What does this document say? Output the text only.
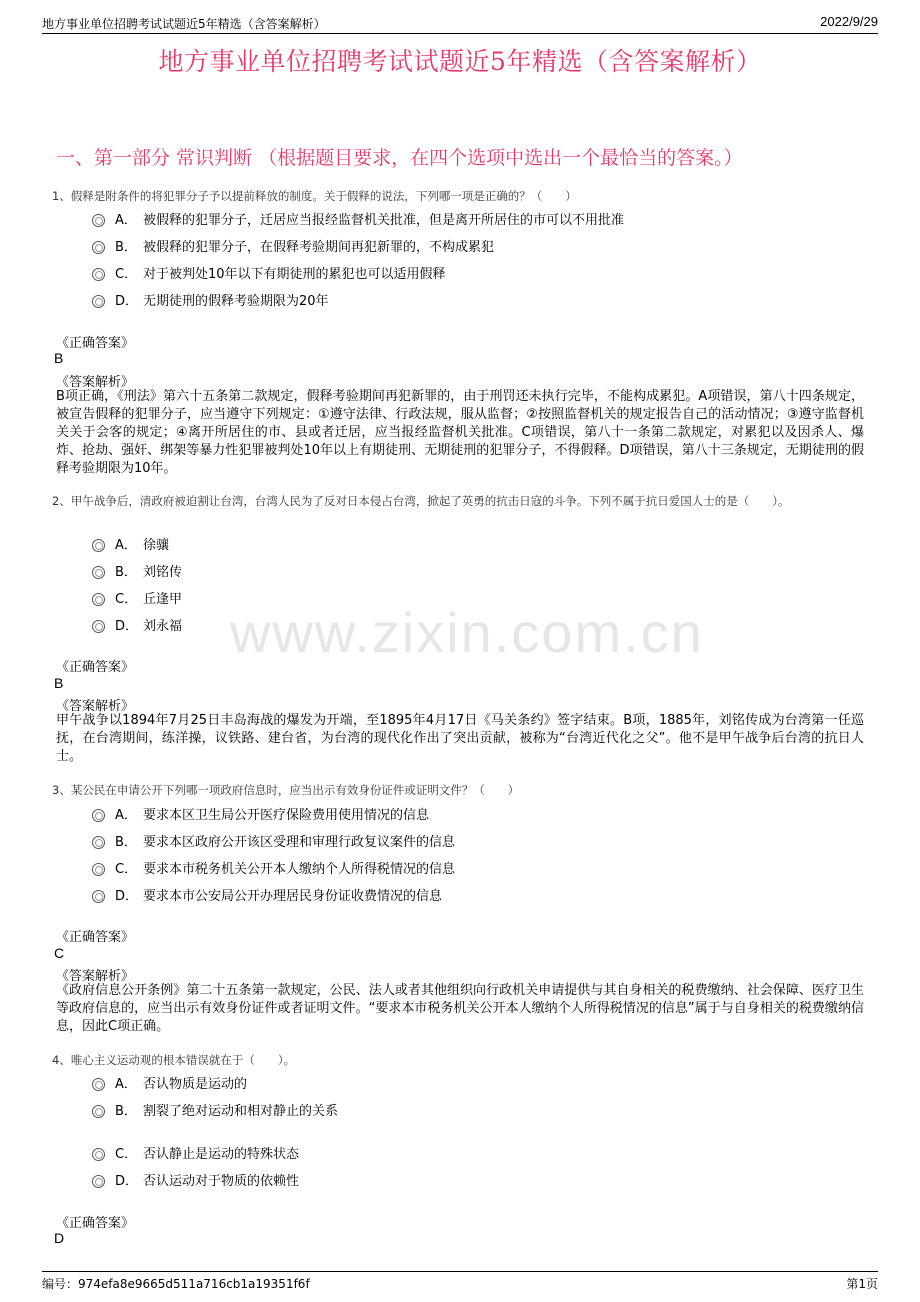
地方事业单位招聘考试试题近5年精选（含答案解析）	2022/9/29
地方事业单位招聘考试试题近5年精选（含答案解析）
一、第一部分 常识判断 （根据题目要求，在四个选项中选出一个最恰当的答案。）
www.zixin.com.cn
1、假释是附条件的将犯罪分子予以提前释放的制度。关于假释的说法，下列哪一项是正确的？（　　）
A． 被假释的犯罪分子，迁居应当报经监督机关批准，但是离开所居住的市可以不用批准
B． 被假释的犯罪分子，在假释考验期间再犯新罪的，不构成累犯
C． 对于被判处10年以下有期徒刑的累犯也可以适用假释
D． 无期徒刑的假释考验期限为20年
《正确答案》
B
《答案解析》
B项正确，《刑法》第六十五条第二款规定，假释考验期间再犯新罪的，由于刑罚还未执行完毕，不能构成累犯。A项错误，第八十四条规定，被宣告假释的犯罪分子，应当遵守下列规定：①遵守法律、行政法规，服从监督；②按照监督机关的规定报告自己的活动情况；③遵守监督机关关于会客的规定；④离开所居住的市、县或者迁居，应当报经监督机关批准。C项错误，第八十一条第二款规定，对累犯以及因杀人、爆炸、抢劫、强奸、绑架等暴力性犯罪被判处10年以上有期徒刑、无期徒刑的犯罪分子，不得假释。D项错误，第八十三条规定，无期徒刑的假释考验期限为10年。
2、甲午战争后，清政府被迫割让台湾，台湾人民为了反对日本侵占台湾，掀起了英勇的抗击日寇的斗争。下列不属于抗日爱国人士的是（　　）。
A． 徐骧
B． 刘铭传
C． 丘逢甲
D． 刘永福
《正确答案》
B
《答案解析》
甲午战争以1894年7月25日丰岛海战的爆发为开端，至1895年4月17日《马关条约》签字结束。B项，1885年，刘铭传成为台湾第一任巡抚，在台湾期间，练洋操，议铁路、建台省，为台湾的现代化作出了突出贡献，被称为“台湾近代化之父”。他不是甲午战争后台湾的抗日人士。
3、某公民在申请公开下列哪一项政府信息时，应当出示有效身份证件或证明文件？（　　）
A． 要求本区卫生局公开医疗保险费用使用情况的信息
B． 要求本区政府公开该区受理和审理行政复议案件的信息
C． 要求本市税务机关公开本人缴纳个人所得税情况的信息
D． 要求本市公安局公开办理居民身份证收费情况的信息
《正确答案》
C
《答案解析》
《政府信息公开条例》第二十五条第一款规定，公民、法人或者其他组织向行政机关申请提供与其自身相关的税费缴纳、社会保障、医疗卫生等政府信息的，应当出示有效身份证件或者证明文件。“要求本市税务机关公开本人缴纳个人所得税情况的信息”属于与自身相关的税费缴纳信息，因此C项正确。
4、唯心主义运动观的根本错误就在于（　　）。
A． 否认物质是运动的
B． 割裂了绝对运动和相对静止的关系
C． 否认静止是运动的特殊状态
D． 否认运动对于物质的依赖性
《正确答案》
D
编号：974efa8e9665d511a716cb1a19351f6f	第1页
